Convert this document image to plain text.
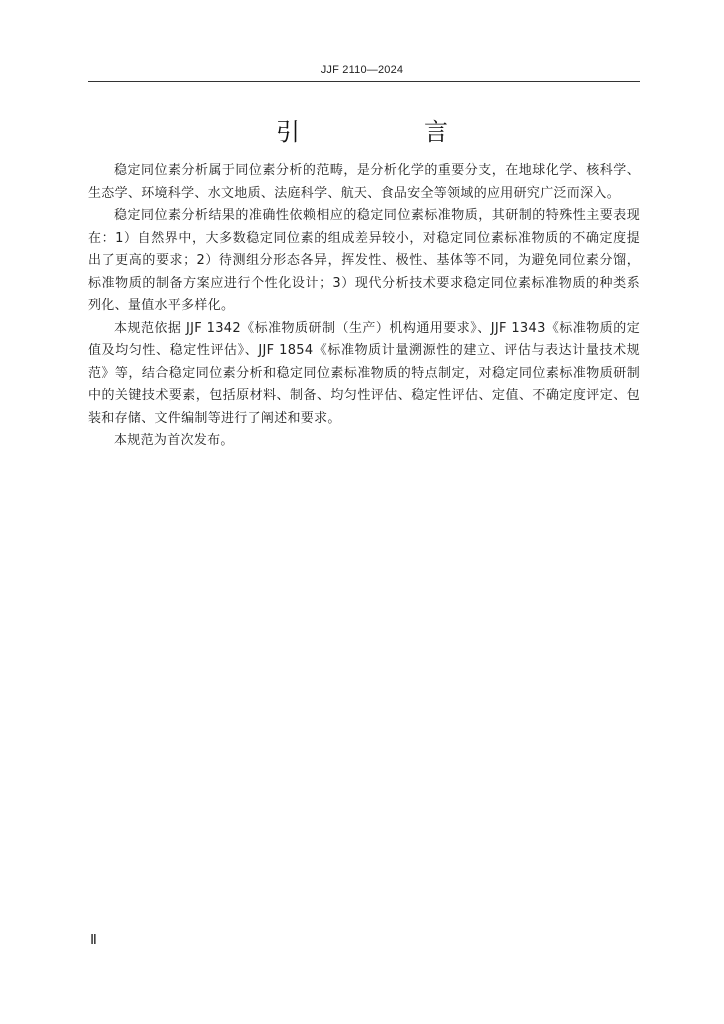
JJF 2110—2024
引　言

稳定同位素分析属于同位素分析的范畴，是分析化学的重要分支，在地球化学、核科学、生态学、环境科学、水文地质、法庭科学、航天、食品安全等领域的应用研究广泛而深入。

稳定同位素分析结果的准确性依赖相应的稳定同位素标准物质，其研制的特殊性主要表现在：1）自然界中，大多数稳定同位素的组成差异较小，对稳定同位素标准物质的不确定度提出了更高的要求；2）待测组分形态各异，挥发性、极性、基体等不同，为避免同位素分馏，标准物质的制备方案应进行个性化设计；3）现代分析技术要求稳定同位素标准物质的种类系列化、量值水平多样化。

本规范依据 JJF 1342《标准物质研制（生产）机构通用要求》、JJF 1343《标准物质的定值及均匀性、稳定性评估》、JJF 1854《标准物质计量溯源性的建立、评估与表达计量技术规范》等，结合稳定同位素分析和稳定同位素标准物质的特点制定，对稳定同位素标准物质研制中的关键技术要素，包括原材料、制备、均匀性评估、稳定性评估、定值、不确定度评定、包装和存储、文件编制等进行了阐述和要求。

本规范为首次发布。

Ⅱ
